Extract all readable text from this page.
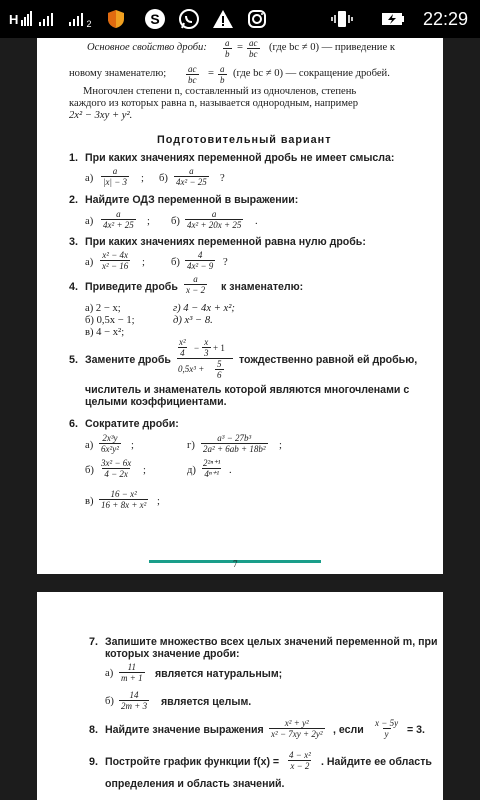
H	2	S	22:29
Основное свойство дроби: $\frac{a}{b} = \frac{ac}{bc} (где$ bc ≠ 0) — приведение к
новому знаменателю; $\frac{ac}{bc} = \frac{a}{b} (где$ bc ≠ 0) — сокращение дробей.
Многочлен степени n, составленный из одночленов, степень
каждого из которых равна n, называется однородным, например
2x² − 3xy + y².
Подготовительный вариант
1. При каких значениях переменной дробь не имеет смысла:
$а) \frac{a}{|x| - 3}$ ; $б) \frac{a}{\text{4x² − 25}}$ ?
2. Найдите ОДЗ переменной в выражении:
$а) \frac{a}{\text{4x² + 25}}$ ; $б) \frac{a}{\text{4x² + 20x + 25}}$ .
3. При каких значениях переменной равна нулю дробь:
$а) \frac{\text{x² − 4x}}{\text{x² − 16}}$ ; $б) \frac{4}{\text{4x² − 9}}$ ?
4. Приведите дробь $\frac{a}{x - 2}$ к знаменателю:
а) 2 − x;
б) 0,5x − 1;
в) 4 − x²;
г) 4 − 4x + x²;
д) x³ − 8.
5. Замените дробь
$\frac{\text{x²}}{4} - \frac{x}{3} + 1$
$0,5x^3 + \frac{5}{6}$ тождественно равной ей дробью,
числитель и знаменатель которой являются многочленами с
целыми коэффициентами.
6. Сократите дроби:
$а) \frac{\text{2x³y}}{\text{6x²y²}}$ ;	$г) \frac{\text{a³ − 27b³}}{\text{2a² + 6ab + 18b²}}$ ;
$б) \frac{\text{3x² − 6x}}{4 - 2x}$ ;	$д) \frac{\text{2²ⁿ⁺¹}}{\text{4ⁿ⁺¹}}$ .
$в) \frac{\text{16 − x²}}{\text{16 + 8x + x²}}$ ;
7
7. Запишите множество всех целых значений переменной m, при
которых значение дроби:
$а) \frac{11}{m + 1}$ является натуральным;
$б) \frac{14}{2m + 3}$ является целым.
8. Найдите значение выражения $\frac{\text{x² + y²}}{\text{x² − 7xy + 2y²}}$ , если $\frac{x - 5y}{y} = 3$.
9. Постройте график функции $f(x) = \frac{\text{4 − x²}}{x - 2}$ . Найдите ее область
определения и область значений.
